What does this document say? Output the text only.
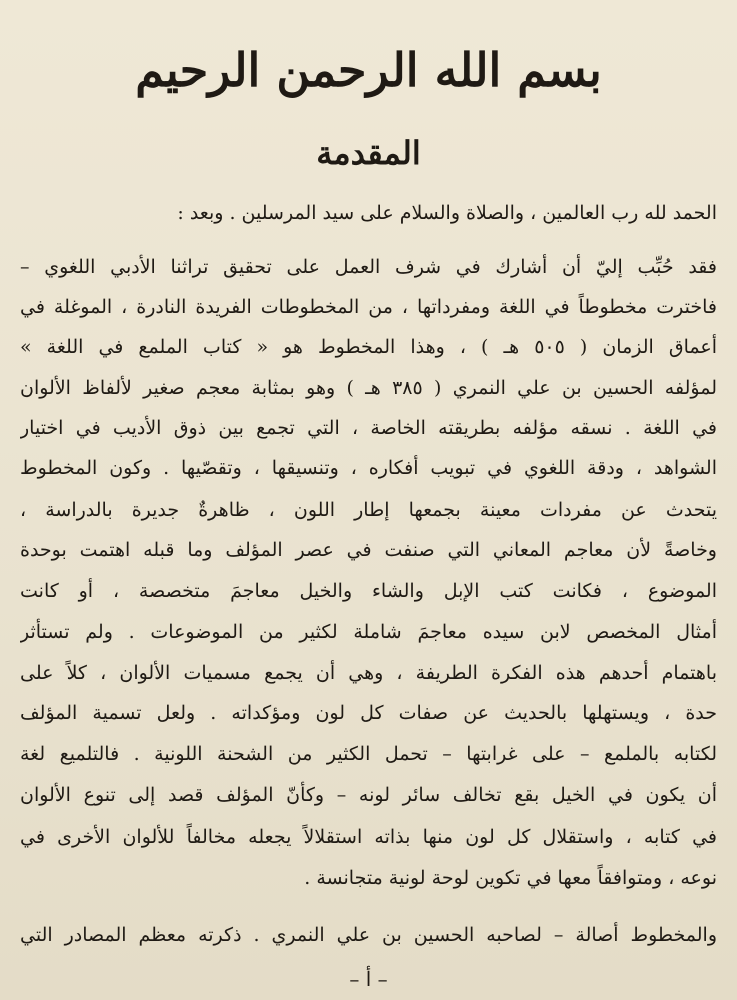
بسم الله الرحمن الرحيم
المقدمة
الحمد لله رب العالمين ، والصلاة والسلام على سيد المرسلين . وبعد :
فقد حُبِّب إليّ أن أشارك في شرف العمل على تحقيق تراثنا الأدبي اللغوي –
فاخترت مخطوطاً في اللغة ومفرداتها ، من المخطوطات الفريدة النادرة ، الموغلة في
أعماق الزمان ( ٥٠٥ هـ ) ، وهذا المخطوط هو « كتاب الملمع في اللغة »
لمؤلفه الحسين بن علي النمري ( ٣٨٥ هـ ) وهو بمثابة معجم صغير لألفاظ الألوان
في اللغة . نسقه مؤلفه بطريقته الخاصة ، التي تجمع بين ذوق الأديب في اختيار
الشواهد ، ودقة اللغوي في تبويب أفكاره ، وتنسيقها ، وتقصّيها . وكون المخطوط
يتحدث عن مفردات معينة بجمعها إطار اللون ، ظاهرةٌ جديرة بالدراسة ،
وخاصةً لأن معاجم المعاني التي صنفت في عصر المؤلف وما قبله اهتمت بوحدة
الموضوع ، فكانت كتب الإبل والشاء والخيل معاجمَ متخصصة ، أو كانت
أمثال المخصص لابن سيده معاجمَ شاملة لكثير من الموضوعات . ولم تستأثر
باهتمام أحدهم هذه الفكرة الطريفة ، وهي أن يجمع مسميات الألوان ، كلاً على
حدة ، ويستهلها بالحديث عن صفات كل لون ومؤكداته . ولعل تسمية المؤلف
لكتابه بالملمع – على غرابتها – تحمل الكثير من الشحنة اللونية . فالتلميع لغة
أن يكون في الخيل بقع تخالف سائر لونه – وكأنّ المؤلف قصد إلى تنوع الألوان
في كتابه ، واستقلال كل لون منها بذاته استقلالاً يجعله مخالفاً للألوان الأخرى في
نوعه ، ومتوافقاً معها في تكوين لوحة لونية متجانسة .
والمخطوط أصالة – لصاحبه الحسين بن علي النمري . ذكرته معظم المصادر التي
– أ –
